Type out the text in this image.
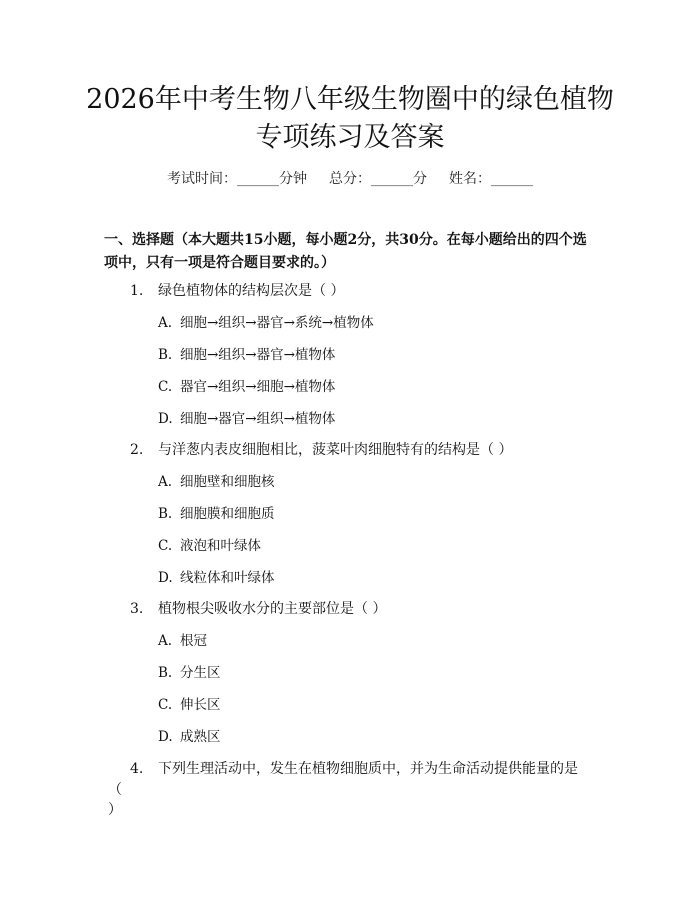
2026年中考生物八年级生物圈中的绿色植物
专项练习及答案
考试时间：______分钟 总分：______分 姓名：______
一、选择题（本大题共15小题，每小题2分，共30分。在每小题给出的四个选
项中，只有一项是符合题目要求的。）
1. 绿色植物体的结构层次是（ ）
A. 细胞→组织→器官→系统→植物体
B. 细胞→组织→器官→植物体
C. 器官→组织→细胞→植物体
D. 细胞→器官→组织→植物体
2. 与洋葱内表皮细胞相比，菠菜叶肉细胞特有的结构是（ ）
A. 细胞壁和细胞核
B. 细胞膜和细胞质
C. 液泡和叶绿体
D. 线粒体和叶绿体
3. 植物根尖吸收水分的主要部位是（ ）
A. 根冠
B. 分生区
C. 伸长区
D. 成熟区
4. 下列生理活动中，发生在植物细胞质中，并为生命活动提供能量的是
（ ）
